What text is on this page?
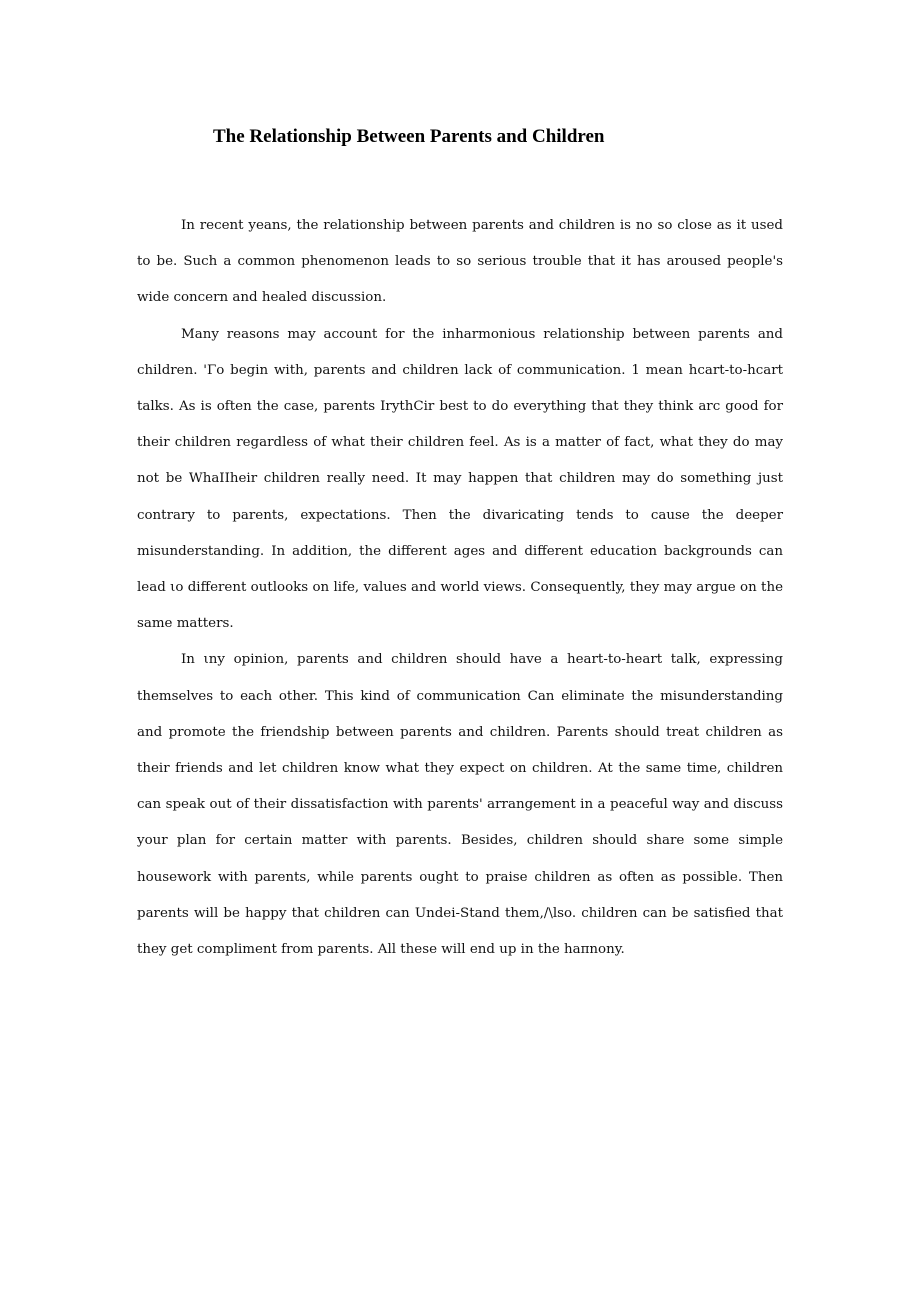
The Relationship Between Parents and Children

In recent yeans, the relationship between parents and children is no so close as it used to be. Such a common phenomenon leads to so serious trouble that it has aroused people's wide concern and healed discussion.

Many reasons may account for the inharmonious relationship between parents and children. 'Γo begin with, parents and children lack of communication. 1 mean hcart-to-hcart talks. As is often the case, parents IrythCir best to do everything that they think arc good for their children regardless of what their children feel. As is a matter of fact, what they do may not be WhaIIheir children really need. It may happen that children may do something just contrary to parents, expectations. Then the divaricating tends to cause the deeper misunderstanding. In addition, the different ages and different education backgrounds can lead ιo different outlooks on life, values and world views. Consequently, they may argue on the same matters.

In ιny opinion, parents and children should have a heart-to-heart talk, expressing themselves to each other. This kind of communication Can eliminate the misunderstanding and promote the friendship between parents and children. Parents should treat children as their friends and let children know what they expect on children. At the same time, children can speak out of their dissatisfaction with parents' arrangement in a peaceful way and discuss your plan for certain matter with parents. Besides, children should share some simple housework with parents, while parents ought to praise children as often as possible. Then parents will be happy that children can Undei-Stand them,∕\lso. children can be satisfied that they get compliment from parents. All these will end up in the haπnony.
